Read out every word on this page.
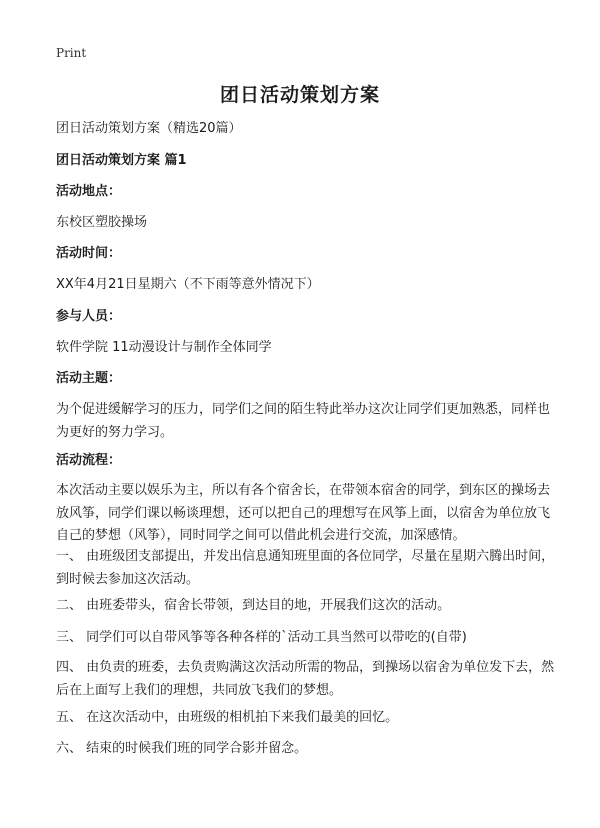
Print
团日活动策划方案
团日活动策划方案（精选20篇）
团日活动策划方案 篇1
活动地点：
东校区塑胶操场
活动时间：
XX年4月21日星期六（不下雨等意外情况下）
参与人员：
软件学院 11动漫设计与制作全体同学
活动主题：
为个促进缓解学习的压力，同学们之间的陌生特此举办这次让同学们更加熟悉，同样也为更好的努力学习。
活动流程：
本次活动主要以娱乐为主，所以有各个宿舍长，在带领本宿舍的同学，到东区的操场去放风筝，同学们课以畅谈理想，还可以把自己的理想写在风筝上面，以宿舍为单位放飞自己的梦想（风筝），同时同学之间可以借此机会进行交流，加深感情。
一、 由班级团支部提出，并发出信息通知班里面的各位同学，尽量在星期六腾出时间，到时候去参加这次活动。
二、 由班委带头，宿舍长带领，到达目的地，开展我们这次的活动。
三、 同学们可以自带风筝等各种各样的`活动工具当然可以带吃的(自带)
四、 由负责的班委，去负责购满这次活动所需的物品，到操场以宿舍为单位发下去，然后在上面写上我们的理想，共同放飞我们的梦想。
五、 在这次活动中，由班级的相机拍下来我们最美的回忆。
六、 结束的时候我们班的同学合影并留念。
